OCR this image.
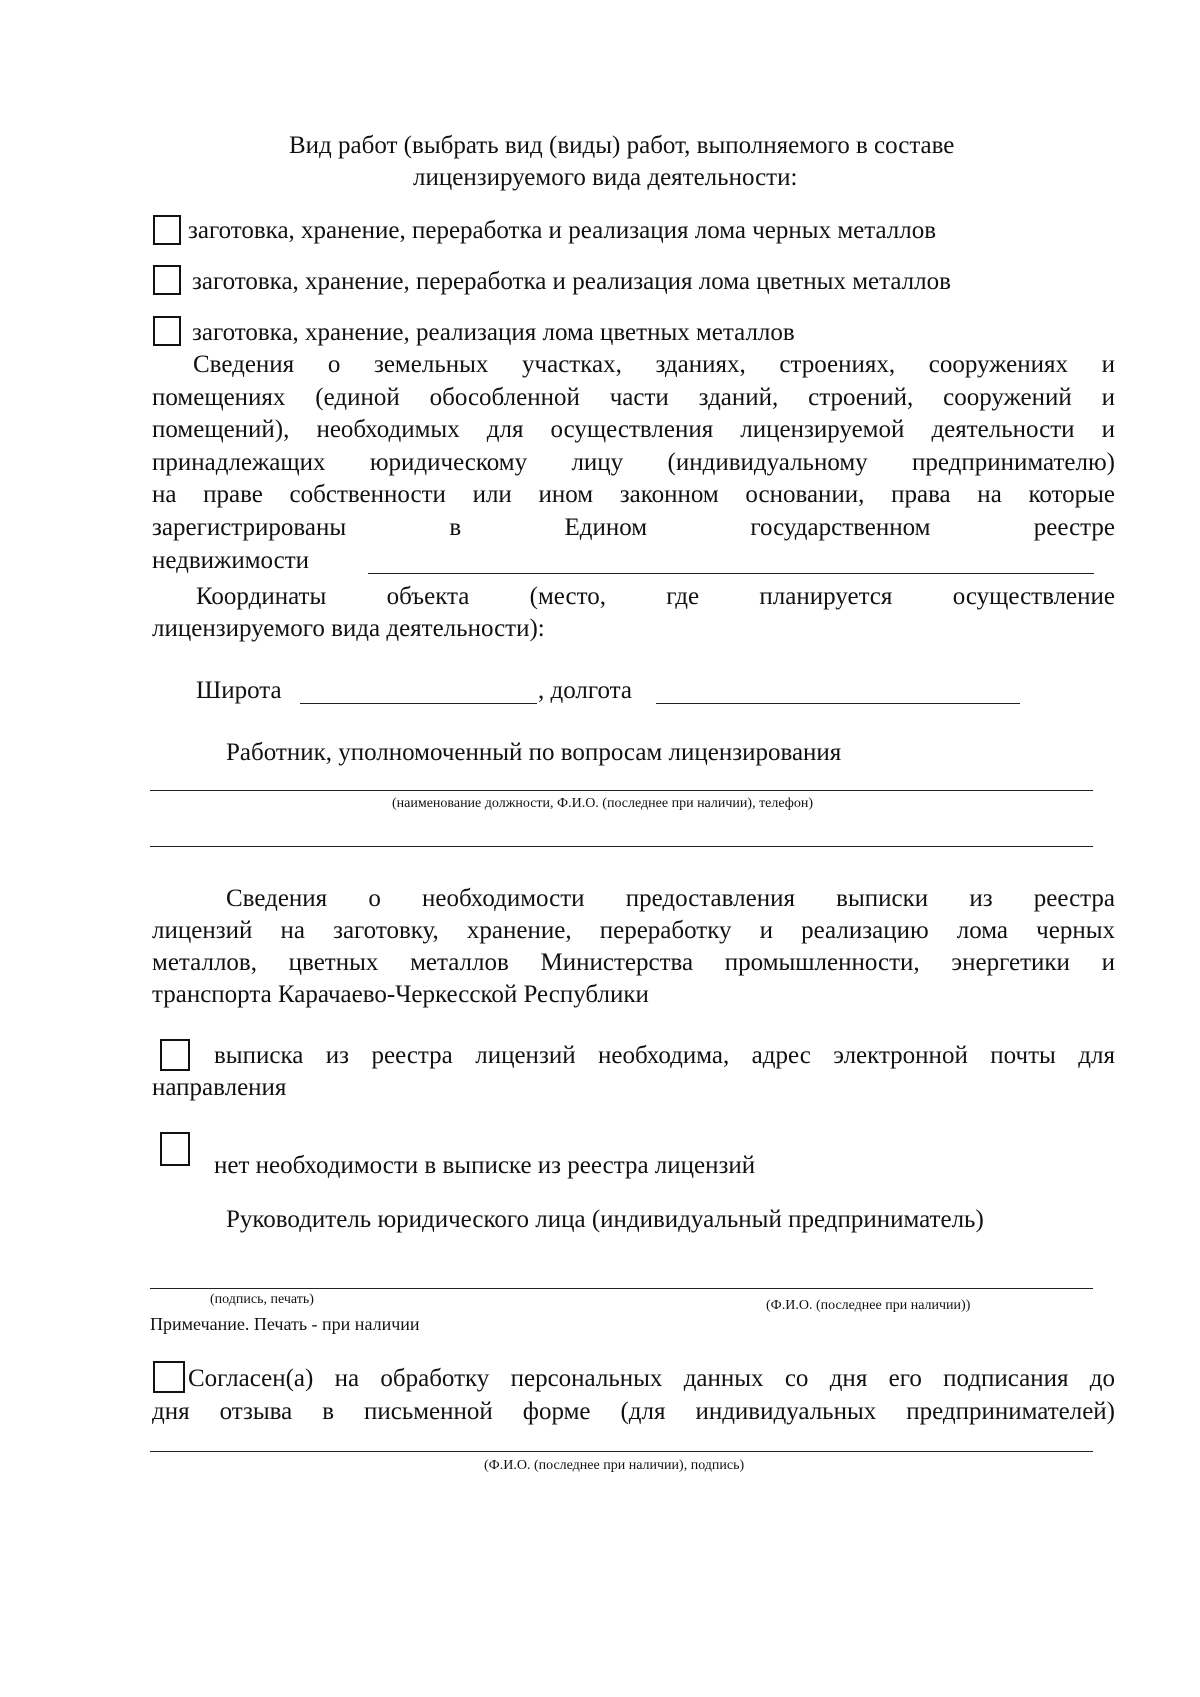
Вид работ (выбрать вид (виды) работ, выполняемого в составе
лицензируемого вида деятельности:
заготовка, хранение, переработка и реализация лома черных металлов
заготовка, хранение, переработка и реализация лома цветных металлов
заготовка, хранение, реализация лома цветных металлов
Сведения о земельных участках, зданиях, строениях, сооружениях и
помещениях (единой обособленной части зданий, строений, сооружений и
помещений), необходимых для осуществления лицензируемой деятельности и
принадлежащих юридическому лицу (индивидуальному предпринимателю)
на праве собственности или ином законном основании, права на которые
зарегистрированы в Едином государственном реестре
недвижимости
Координаты объекта (место, где планируется осуществление
лицензируемого вида деятельности):
Широта	, долгота
Работник, уполномоченный по вопросам лицензирования
(наименование должности, Ф.И.О. (последнее при наличии), телефон)
Сведения о необходимости предоставления выписки из реестра
лицензий на заготовку, хранение, переработку и реализацию лома черных
металлов, цветных металлов Министерства промышленности, энергетики и
транспорта Карачаево-Черкесской Республики
выписка из реестра лицензий необходима, адрес электронной почты для
направления
нет необходимости в выписке из реестра лицензий
Руководитель юридического лица (индивидуальный предприниматель)
(подпись, печать)	(Ф.И.О. (последнее при наличии))
Примечание. Печать - при наличии
Согласен(а) на обработку персональных данных со дня его подписания до
дня отзыва в письменной форме (для индивидуальных предпринимателей)
(Ф.И.О. (последнее при наличии), подпись)
